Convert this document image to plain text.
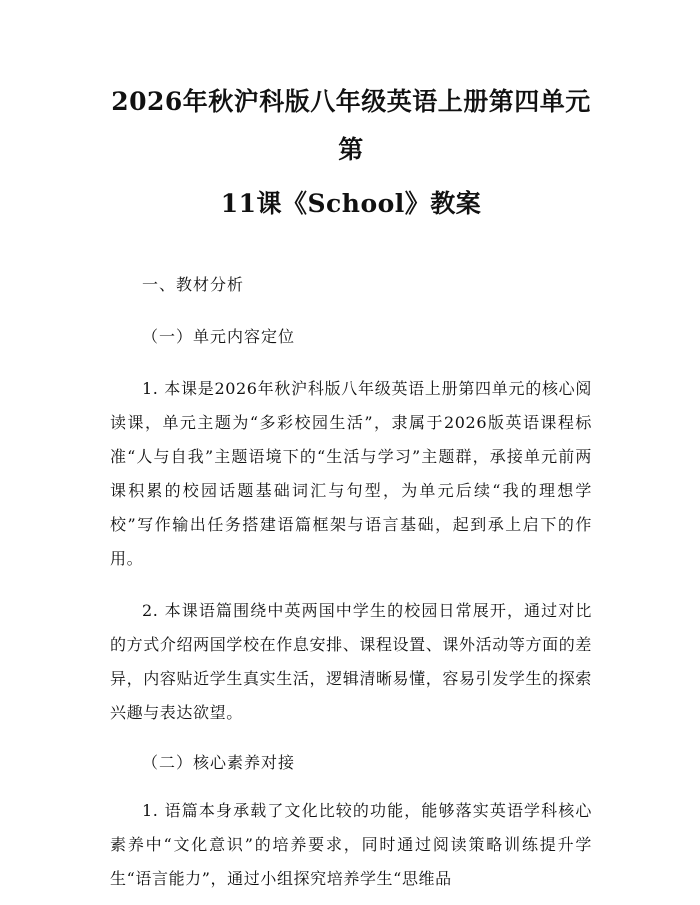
2026年秋沪科版八年级英语上册第四单元第
11课《School》教案

一、教材分析

（一）单元内容定位

1. 本课是2026年秋沪科版八年级英语上册第四单元的核心阅读课，单元主题为“多彩校园生活”，隶属于2026版英语课程标准“人与自我”主题语境下的“生活与学习”主题群，承接单元前两课积累的校园话题基础词汇与句型，为单元后续“我的理想学校”写作输出任务搭建语篇框架与语言基础，起到承上启下的作用。

2. 本课语篇围绕中英两国中学生的校园日常展开，通过对比的方式介绍两国学校在作息安排、课程设置、课外活动等方面的差异，内容贴近学生真实生活，逻辑清晰易懂，容易引发学生的探索兴趣与表达欲望。

（二）核心素养对接

1. 语篇本身承载了文化比较的功能，能够落实英语学科核心素养中“文化意识”的培养要求，同时通过阅读策略训练提升学生“语言能力”，通过小组探究培养学生“思维品
